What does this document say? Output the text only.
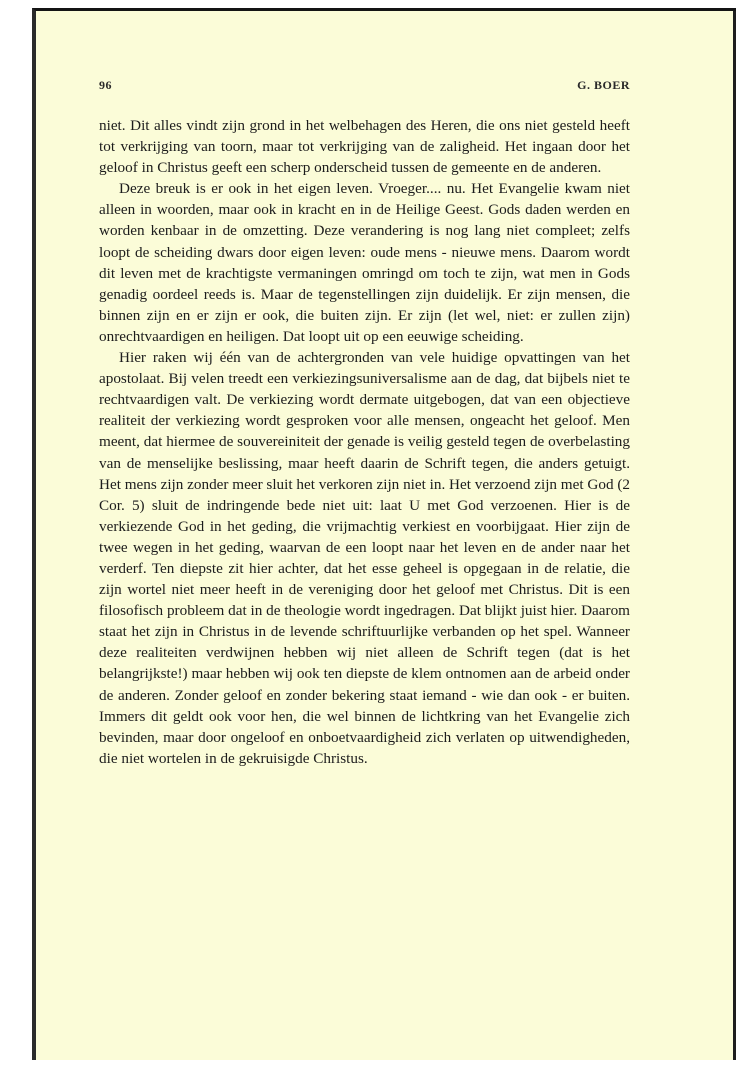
96	G. BOER

niet. Dit alles vindt zijn grond in het welbehagen des Heren, die ons niet gesteld heeft tot verkrijging van toorn, maar tot verkrijging van de zaligheid. Het ingaan door het geloof in Christus geeft een scherp onderscheid tussen de gemeente en de anderen.

Deze breuk is er ook in het eigen leven. Vroeger.... nu. Het Evangelie kwam niet alleen in woorden, maar ook in kracht en in de Heilige Geest. Gods daden werden en worden kenbaar in de omzetting. Deze verandering is nog lang niet compleet; zelfs loopt de scheiding dwars door eigen leven: oude mens - nieuwe mens. Daarom wordt dit leven met de krachtigste vermaningen omringd om toch te zijn, wat men in Gods genadig oordeel reeds is. Maar de tegenstellingen zijn duidelijk. Er zijn mensen, die binnen zijn en er zijn er ook, die buiten zijn. Er zijn (let wel, niet: er zullen zijn) onrechtvaardigen en heiligen. Dat loopt uit op een eeuwige scheiding.

Hier raken wij één van de achtergronden van vele huidige opvattingen van het apostolaat. Bij velen treedt een verkiezingsuniversalisme aan de dag, dat bijbels niet te rechtvaardigen valt. De verkiezing wordt dermate uitgebogen, dat van een objectieve realiteit der verkiezing wordt gesproken voor alle mensen, ongeacht het geloof. Men meent, dat hiermee de souvereiniteit der genade is veilig gesteld tegen de overbelasting van de menselijke beslissing, maar heeft daarin de Schrift tegen, die anders getuigt. Het mens zijn zonder meer sluit het verkoren zijn niet in. Het verzoend zijn met God (2 Cor. 5) sluit de indringende bede niet uit: laat U met God verzoenen. Hier is de verkiezende God in het geding, die vrijmachtig verkiest en voorbijgaat. Hier zijn de twee wegen in het geding, waarvan de een loopt naar het leven en de ander naar het verderf. Ten diepste zit hier achter, dat het esse geheel is opgegaan in de relatie, die zijn wortel niet meer heeft in de vereniging door het geloof met Christus. Dit is een filosofisch probleem dat in de theologie wordt ingedragen. Dat blijkt juist hier. Daarom staat het zijn in Christus in de levende schriftuurlijke verbanden op het spel. Wanneer deze realiteiten verdwijnen hebben wij niet alleen de Schrift tegen (dat is het belangrijkste!) maar hebben wij ook ten diepste de klem ontnomen aan de arbeid onder de anderen. Zonder geloof en zonder bekering staat iemand - wie dan ook - er buiten. Immers dit geldt ook voor hen, die wel binnen de lichtkring van het Evangelie zich bevinden, maar door ongeloof en onboetvaardigheid zich verlaten op uitwendigheden, die niet wortelen in de gekruisigde Christus.
